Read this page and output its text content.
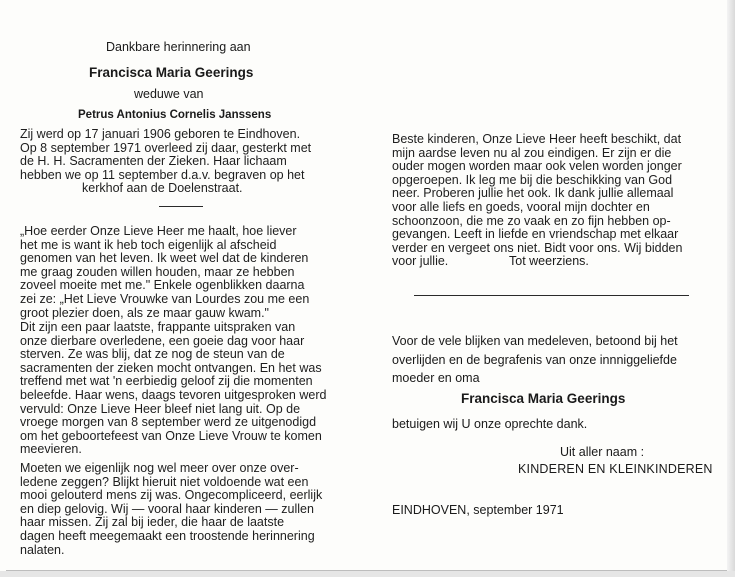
Dankbare herinnering aan
Francisca Maria Geerings
weduwe van
Petrus Antonius Cornelis Janssens
Zij werd op 17 januari 1906 geboren te Eindhoven.
Op 8 september 1971 overleed zij daar, gesterkt met
de H. H. Sacramenten der Zieken. Haar lichaam
hebben we op 11 september d.a.v. begraven op het
kerkhof aan de Doelenstraat.
„Hoe eerder Onze Lieve Heer me haalt, hoe liever
het me is want ik heb toch eigenlijk al afscheid
genomen van het leven. Ik weet wel dat de kinderen
me graag zouden willen houden, maar ze hebben
zoveel moeite met me." Enkele ogenblikken daarna
zei ze: „Het Lieve Vrouwke van Lourdes zou me een
groot plezier doen, als ze maar gauw kwam."
Dit zijn een paar laatste, frappante uitspraken van
onze dierbare overledene, een goeie dag voor haar
sterven. Ze was blij, dat ze nog de steun van de
sacramenten der zieken mocht ontvangen. En het was
treffend met wat 'n eerbiedig geloof zij die momenten
beleefde. Haar wens, daags tevoren uitgesproken werd
vervuld: Onze Lieve Heer bleef niet lang uit. Op de
vroege morgen van 8 september werd ze uitgenodigd
om het geboortefeest van Onze Lieve Vrouw te komen
meevieren.
Moeten we eigenlijk nog wel meer over onze over-
ledene zeggen? Blijkt hieruit niet voldoende wat een
mooi gelouterd mens zij was. Ongecompliceerd, eerlijk
en diep gelovig. Wij — vooral haar kinderen — zullen
haar missen. Zij zal bij ieder, die haar de laatste
dagen heeft meegemaakt een troostende herinnering
nalaten.
Beste kinderen, Onze Lieve Heer heeft beschikt, dat
mijn aardse leven nu al zou eindigen. Er zijn er die
ouder mogen worden maar ook velen worden jonger
opgeroepen. Ik leg me bij die beschikking van God
neer. Proberen jullie het ook. Ik dank jullie allemaal
voor alle liefs en goeds, vooral mijn dochter en
schoonzoon, die me zo vaak en zo fijn hebben op-
gevangen. Leeft in liefde en vriendschap met elkaar
verder en vergeet ons niet. Bidt voor ons. Wij bidden
voor jullie.	Tot weerziens.
Voor de vele blijken van medeleven, betoond bij het
overlijden en de begrafenis van onze innniggeliefde
moeder en oma
Francisca Maria Geerings
betuigen wij U onze oprechte dank.
Uit aller naam :
KINDEREN EN KLEINKINDEREN
EINDHOVEN, september 1971
